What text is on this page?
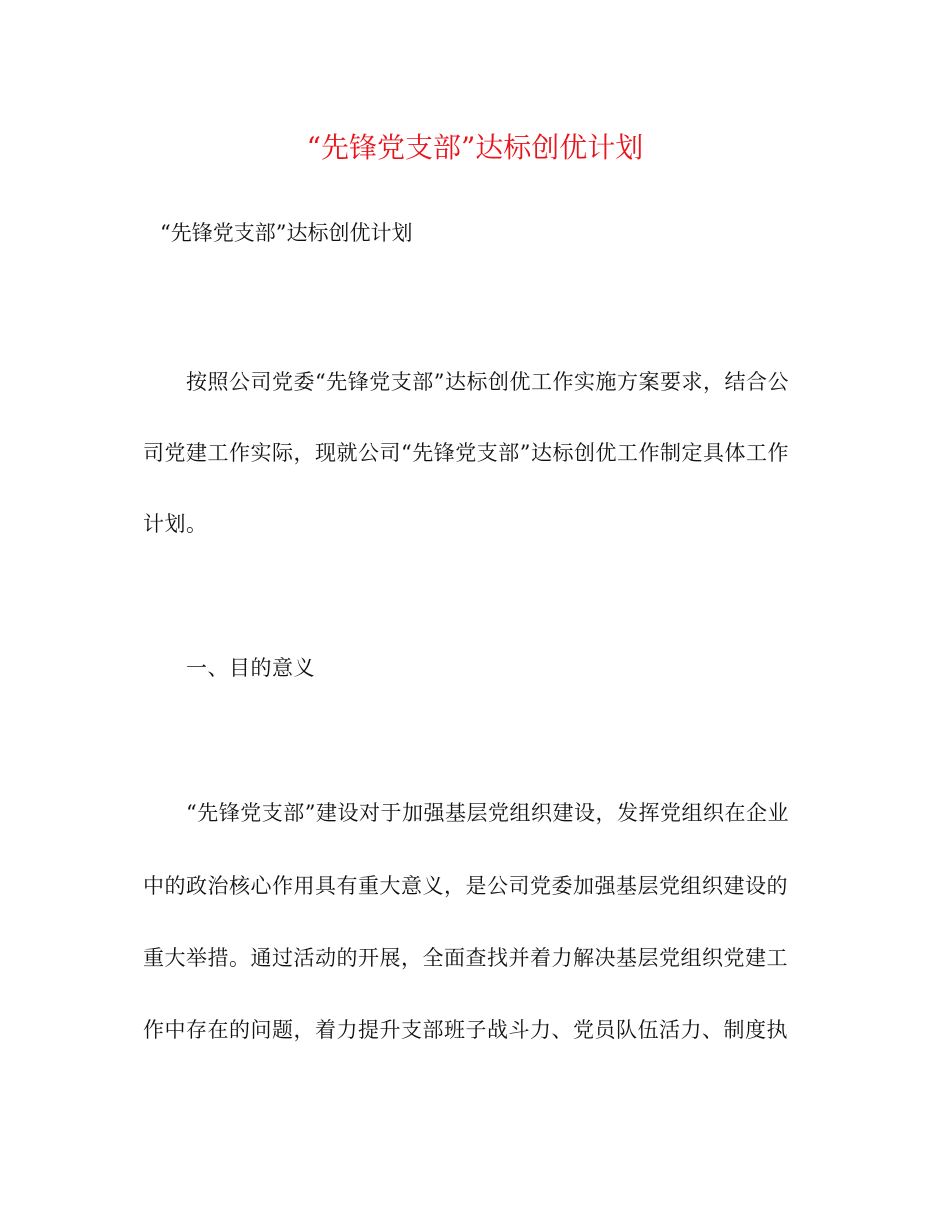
“先锋党支部”达标创优计划
“先锋党支部”达标创优计划
按照公司党委“先锋党支部”达标创优工作实施方案要求，结合公
司党建工作实际，现就公司“先锋党支部”达标创优工作制定具体工作
计划。
一、目的意义
“先锋党支部”建设对于加强基层党组织建设，发挥党组织在企业
中的政治核心作用具有重大意义，是公司党委加强基层党组织建设的
重大举措。通过活动的开展，全面查找并着力解决基层党组织党建工
作中存在的问题，着力提升支部班子战斗力、党员队伍活力、制度执
